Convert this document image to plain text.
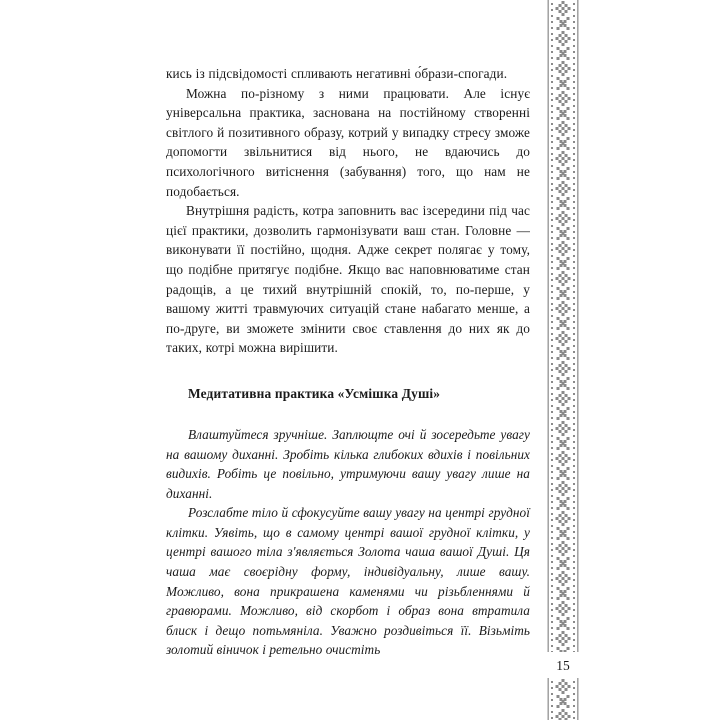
кись із підсвідомості спливають негативні о́брази-спогади.

Можна по-різному з ними працювати. Але існує універсальна практика, заснована на постійному створенні світлого й позитивного образу, котрий у випадку стресу зможе допомогти звільнитися від нього, не вдаючись до психологічного витіснення (забування) того, що нам не подобається.

Внутрішня радість, котра заповнить вас ізсередини під час цієї практики, дозволить гармонізувати ваш стан. Головне — виконувати її постійно, щодня. Адже секрет полягає у тому, що подібне притягує подібне. Якщо вас наповнюватиме стан радощів, а це тихий внутрішній спокій, то, по-перше, у вашому житті травмуючих ситуацій стане набагато менше, а по-друге, ви зможете змінити своє ставлення до них як до таких, котрі можна вирішити.

Медитативна практика «Усмішка Душі»

Влаштуйтеся зручніше. Заплющте очі й зосередьте увагу на вашому диханні. Зробіть кілька глибоких вдихів і повільних видихів. Робіть це повільно, утримуючи вашу увагу лише на диханні.

Розслабте тіло й сфокусуйте вашу увагу на центрі грудної клітки. Уявіть, що в самому центрі вашої грудної клітки, у центрі вашого тіла з'являється Золота чаша вашої Душі. Ця чаша має своєрідну форму, індивідуальну, лише вашу. Можливо, вона прикрашена каменями чи різьбленнями й гравюрами. Можливо, від скорбот і образ вона втратила блиск і дещо потьмяніла. Уважно роздивіться її. Візьміть золотий віничок і ретельно очистіть

15
